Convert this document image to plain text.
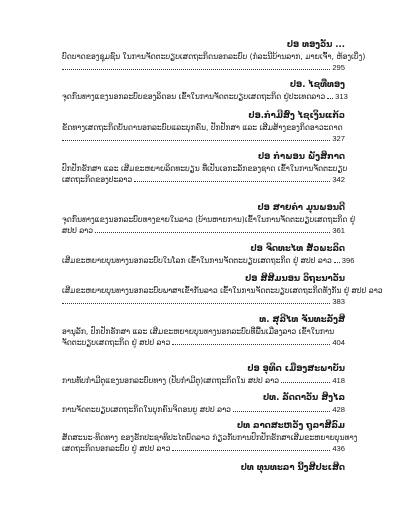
ປອ ທອງວັນ ...
ບົດບາດຂອງຊຸມຊົນ ໃນການຈັດຕະບຽບເສດຖະກິດນອກລະບົບ (ກໍລະນີບ້ານລາກ, ມາຍເຈົ້າ, ຫ້ອງເບິ່ງ)
295
ປອ. ໄຊທີ່ທອງ
ຈຸດກົນທາງແຂງນອກລະບົບຂອງລິດອນ ເຂົ້າໃນການຈັດຕະບຽບເສດຖະກິດ ຢູ່ປະເທດລາວ 313
ປອ.ກໍາມີສົງ ໄຊເງິນແກ້ວ
ຂັດທາງເສດຖະກິດບັນດານອກລະບົບແລະບຸກຄົນ, ປັກປັກສາ ແລະ ເສີມສ້າງຂອງກິດອາວະດາດ
327
ປອ ກໍາພອນ ພັງສິກາດ
ປົກປັກຮັກສາ ແລະ ເສີມຂະຫຍາຍລິດທະບຽນ ທີ່ເປັນເອກະລັກຂອງຊາດ ເຂົ້າໃນການຈັດຕະບຽບ
ເສດຖະກິດຂອງປະລາວ	342
ປອ ສາຍຄໍາ ມຸນພອນດີ
ຈຸດກົນທາງແຂງນອກລະບົບທາງຂາຍໃນລາວ (ບ້ານຫາຍການ)ເຂົ້າໃນການຈັດຕະບຽບເສດຖະກິດ ຢູ່
ສປປ ລາວ	361
ປອ ຈິດທະໄທ ສັວພະລິດ
ເສີມຂະຫຍາຍບຸນທາງນອກລະບົບໃນໂລກ ເຂົ້າໃນການຈັດຕະບຽບເສດຖະກິດ ຢູ່ ສປປ ລາວ 396
ປອ ສີສີມນອນ ວິຖະນາວັນ
ເສີມຂະຫຍາຍບຸນທາງນອກລະບົບພາສາເຂົ້າກັນລາວ ເຂົ້າໃນການຈັດຕະບຽບເສດຖະກິດທັງກັນ ຢູ່ ສປປ ລາວ
383
ທ. ສຸລີໄທ ຈັນທະລັງສີ
ອານຸລັກ, ປົກປັກຮັກສາ ແລະ ເສີມຂະຫຍາຍບຸນທາງນອກລະບົບທີ່ພື້ນເມືອງລາວ ເຂົ້າໃນການ
ຈັດຕະບຽບເສດຖະກິດ ຢູ່ ສປປ ລາວ	404
ປອ ອຸທິດ ເມືອງສະພາບັນ
ການທັບກໍາມີຕູແຂງນອກລະບົບທາງ (ປັບກໍາມີຕູ)ເສດຖະກິດໃນ ສປປ ລາວ	418
ປທ. ລັດດາວັນ ສິງໄລ
ການຈັດຕະບຽບເສດຖະກິດໃນບຸກຄົນຈິດອນຍູ ສປປ ລາວ	428
ປທ ລາດສະຫວັງ ຖູລາສີລົມ
ສັດສະນະ-ທິດທາງ ຂອງຮັກປະຊາທິປະໄຕບົດລາວ ກ່ຽວກັບການປົກປັກຮັກສາເສີມຂະຫຍາຍບຸນທາງ
ເສດຖະກິດນອກລະບົບ ຢູ່ ສປປ ລາວ	436
ປທ ທຸນທະລາ ນີ້ງສີປະເສີດ
